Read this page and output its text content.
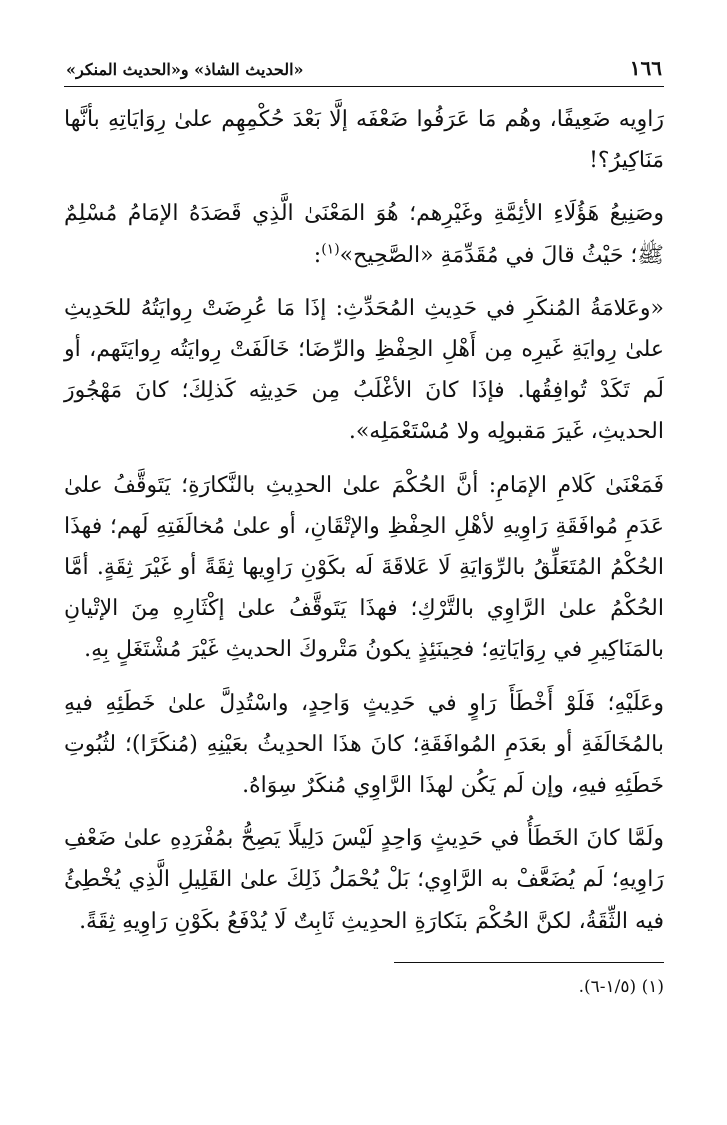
١٦٦
«الحديث الشاذ» و«الحديث المنكر»

رَاوِيه ضَعِيفًا، وهُم مَا عَرَفُوا ضَعْفَه إلَّا بَعْدَ حُكْمِهِم علىٰ رِوَايَاتِهِ بأنَّها مَنَاكِيرُ؟!

وصَنِيعُ هَؤُلَاءِ الأئِمَّةِ وغَيْرِهم؛ هُوَ المَعْنَىٰ الَّذِي قَصَدَهُ الإمَامُ مُسْلِمٌ ﷺ؛ حَيْثُ قالَ في مُقَدِّمَةِ «الصَّحِيح»$^{(١)}$:

«وعَلامَةُ المُنكَرِ في حَدِيثِ المُحَدِّثِ: إذَا مَا عُرِضَتْ رِوايَتُهُ للحَدِيثِ علىٰ رِوايَةِ غَيرِه مِن أَهْلِ الحِفْظِ والرِّضَا؛ خَالَفَتْ رِوايَتُه رِوايَتَهم، أو لَم تَكَدْ تُوافِقُها. فإذَا كانَ الأغْلَبُ مِن حَدِيثِه كَذلِكَ؛ كانَ مَهْجُورَ الحديثِ، غَيرَ مَقبولِه ولا مُسْتَعْمَلِه».

فَمَعْنَىٰ كَلامِ الإمَامِ: أنَّ الحُكْمَ علىٰ الحدِيثِ بالنَّكارَةِ؛ يَتَوقَّفُ علىٰ عَدَمِ مُوافَقَةِ رَاوِيهِ لأهْلِ الحِفْظِ والإتْقَانِ، أو علىٰ مُخالَفَتِهِ لَهم؛ فهذَا الحُكْمُ المُتَعَلِّقُ بالرِّوَايَةِ لَا عَلاقَةَ لَه بكَوْنِ رَاوِيها ثِقَةً أو غَيْرَ ثِقَةٍ. أمَّا الحُكْمُ علىٰ الرَّاوِي بالتَّرْكِ؛ فهذَا يَتَوقَّفُ علىٰ إكْثَارِهِ مِنَ الإتْيانِ بالمَنَاكِيرِ في رِوَايَاتِهِ؛ فحِينَئِذٍ يكونُ مَتْروكَ الحديثِ غَيْرَ مُشْتَغَلٍ بِهِ.

وعَلَيْهِ؛ فَلَوْ أَخْطَأَ رَاوٍ في حَدِيثٍ وَاحِدٍ، واسْتُدِلَّ علىٰ خَطَئِهِ فيهِ بالمُخَالَفَةِ أو بعَدَمِ المُوافَقَةِ؛ كانَ هذَا الحدِيثُ بعَيْنِهِ (مُنكَرًا)؛ لثُبُوتِ خَطَئِهِ فيهِ، وإن لَم يَكُن لهذَا الرَّاوِي مُنكَرٌ سِوَاهُ.

ولَمَّا كانَ الخَطَأُ في حَدِيثٍ وَاحِدٍ لَيْسَ دَلِيلًا يَصِحُّ بمُفْرَدِهِ علىٰ ضَعْفِ رَاوِيهِ؛ لَم يُضَعَّفْ به الرَّاوِي؛ بَلْ يُحْمَلُ ذَلِكَ علىٰ القَلِيلِ الَّذِي يُخْطِئُ فيه الثِّقَةُ، لكنَّ الحُكْمَ بنَكارَةِ الحدِيثِ ثَابِتٌ لَا يُدْفَعُ بكَوْنِ رَاوِيهِ ثِقَةً.

(١) (١/٥-٦).
